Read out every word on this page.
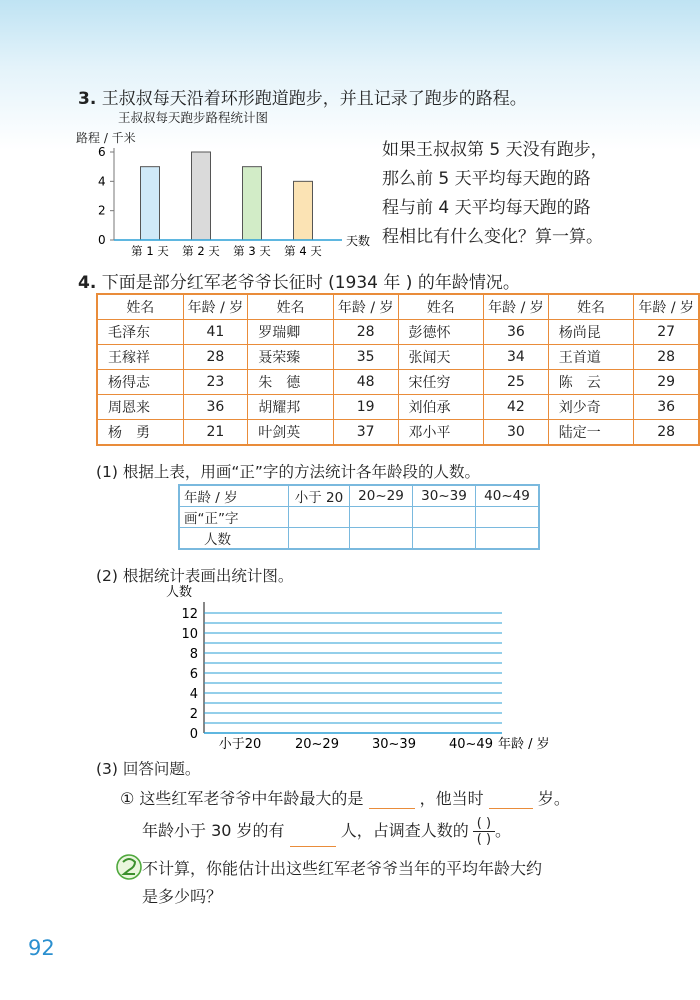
3. 王叔叔每天沿着环形跑道跑步，并且记录了跑步的路程。
王叔叔每天跑步路程统计图
路程 / 千米
0
2
4
6
第 1 天 第 2 天 第 3 天 第 4 天
天数
如果王叔叔第 5 天没有跑步，
那么前 5 天平均每天跑的路
程与前 4 天平均每天跑的路
程相比有什么变化？算一算。
4. 下面是部分红军老爷爷长征时 (1934 年 ) 的年龄情况。
姓名	年龄 / 岁	姓名	年龄 / 岁	姓名	年龄 / 岁	姓名	年龄 / 岁
毛泽东	41	罗瑞卿	28	彭德怀	36	杨尚昆	27
王稼祥	28	聂荣臻	35	张闻天	34	王首道	28
杨得志	23	朱　德	48	宋任穷	25	陈　云	29
周恩来	36	胡耀邦	19	刘伯承	42	刘少奇	36
杨　勇	21	叶剑英	37	邓小平	30	陆定一	28
(1) 根据上表，用画“正”字的方法统计各年龄段的人数。
年龄 / 岁	小于 20	20~29	30~39	40~49
画“正”字				
人数				
(2) 根据统计表画出统计图。
人数
0
2
4
6
8
10
12
小于20	20~29	30~39	40~49 年龄 / 岁
(3) 回答问题。
① 这些红军老爷爷中年龄最大的是	，他当时	岁。
年龄小于 30 岁的有	人，占调查人数的 $\frac{( )}{( )}$。
不计算，你能估计出这些红军老爷爷当年的平均年龄大约
是多少吗？
92
